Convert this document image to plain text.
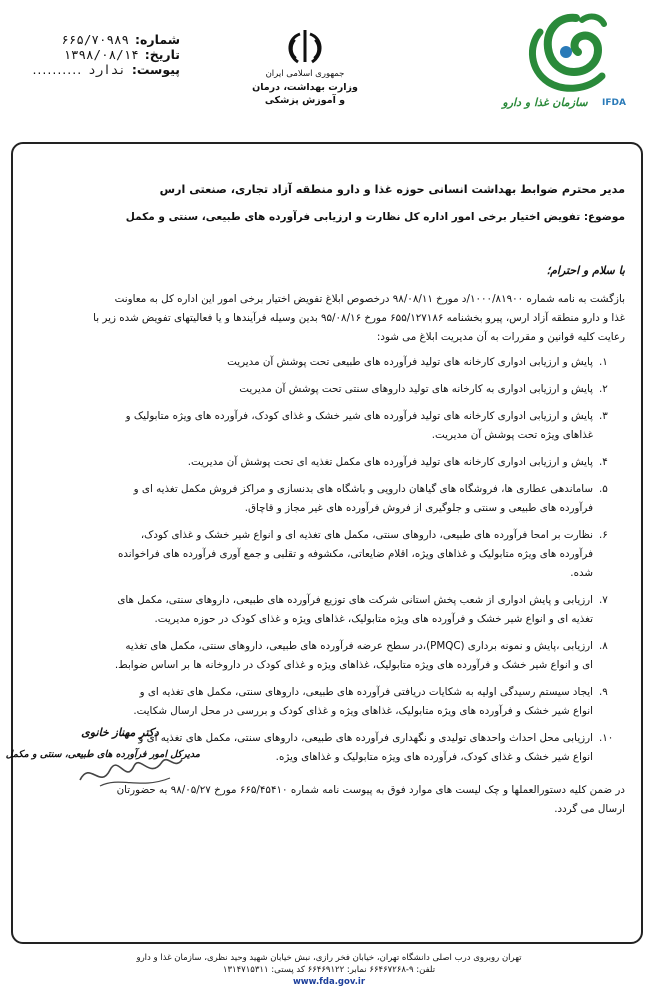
سازمان غذا و دارو	IFDA
جمهوری اسلامی ایران
وزارت بهداشت، درمان
و آموزش پزشکی
شماره:
۶۶۵/۷۰۹۸۹
تاریخ:
۱۳۹۸/۰۸/۱۴
پیوست:
ندارد
..........
مدیر محترم ضوابط بهداشت انسانی حوزه غذا و دارو منطقه آزاد تجاری، صنعتی ارس
موضوع: تفویض اختیار برخی امور اداره کل نظارت و ارزیابی فرآورده های طبیعی، سنتی و مکمل
با سلام و احترام؛
بازگشت به نامه شماره ۱۰۰۰/۸۱۹۰۰/د مورخ ۹۸/۰۸/۱۱ درخصوص ابلاغ تفویض اختیار برخی امور این اداره کل به معاونت
غذا و دارو منطقه آزاد ارس، پیرو بخشنامه ۶۵۵/۱۲۷۱۸۶ مورخ ۹۵/۰۸/۱۶ بدین وسیله فرآیندها و یا فعالیتهای تفویض شده زیر با
رعایت کلیه قوانین و مقررات به آن مدیریت ابلاغ می شود:
۱.
پایش و ارزیابی ادواری کارخانه های تولید فرآورده های طبیعی تحت پوشش آن مدیریت
۲.
پایش و ارزیابی ادواری به کارخانه های تولید داروهای سنتی تحت پوشش آن مدیریت
۳.
پایش و ارزیابی ادواری کارخانه های تولید فرآورده های شیر خشک و غذای کودک، فرآورده های ویژه متابولیک و
غذاهای ویژه تحت پوشش آن مدیریت.
۴.
پایش و ارزیابی ادواری کارخانه های تولید فرآورده های مکمل تغذیه ای تحت پوشش آن مدیریت.
۵.
ساماندهی عطاری ها، فروشگاه های گیاهان دارویی و باشگاه های بدنسازی و مراکز فروش مکمل تغذیه ای و
فرآورده های طبیعی و سنتی و جلوگیری از فروش فرآورده های غیر مجاز و قاچاق.
۶.
نظارت بر امحا فرآورده های طبیعی، داروهای سنتی، مکمل های تغذیه ای و انواع شیر خشک و غذای کودک،
فرآورده های ویژه متابولیک و غذاهای ویژه، اقلام ضایعاتی، مکشوفه و تقلبی و جمع آوری فرآورده های فراخوانده
شده.
۷.
ارزیابی و پایش ادواری از شعب پخش استانی شرکت های توزیع فرآورده های طبیعی، داروهای سنتی، مکمل های
تغذیه ای و انواع شیر خشک و فرآورده های ویژه متابولیک، غذاهای ویژه و غذای کودک در حوزه مدیریت.
۸.
ارزیابی ،پایش و نمونه برداری (PMQC)،در سطح عرضه فرآورده های طبیعی، داروهای سنتی، مکمل های تغذیه
ای و انواع شیر خشک و فرآورده های ویژه متابولیک، غذاهای ویژه و غذای کودک در داروخانه ها بر اساس ضوابط.
۹.
ایجاد سیستم رسیدگی اولیه به شکایات دریافتی فرآورده های طبیعی، داروهای سنتی، مکمل های تغذیه ای و
انواع شیر خشک و فرآورده های ویژه متابولیک، غذاهای ویژه و غذای کودک و بررسی در محل ارسال شکایت.
۱۰.
ارزیابی محل احداث واحدهای تولیدی و نگهداری فرآورده های طبیعی، داروهای سنتی، مکمل های تغذیه ای و
انواع شیر خشک و غذای کودک، فرآورده های ویژه متابولیک و غذاهای ویژه.
در ضمن کلیه دستورالعملها و چک لیست های موارد فوق به پیوست نامه شماره ۶۶۵/۴۵۴۱۰ مورخ ۹۸/۰۵/۲۷ به حضورتان
ارسال می گردد.
دکتر مهناز خانوی
مدیرکل امور فرآورده های طبیعی، سنتی و مکمل
تهران روبروی درب اصلی دانشگاه تهران، خیابان فخر رازی، نبش خیابان شهید وحید نظری، سازمان غذا و دارو
تلفن: ۹-۶۶۴۶۷۲۶۸ نمابر: ۶۶۴۶۹۱۲۲ کد پستی: ۱۳۱۴۷۱۵۳۱۱
www.fda.gov.ir
